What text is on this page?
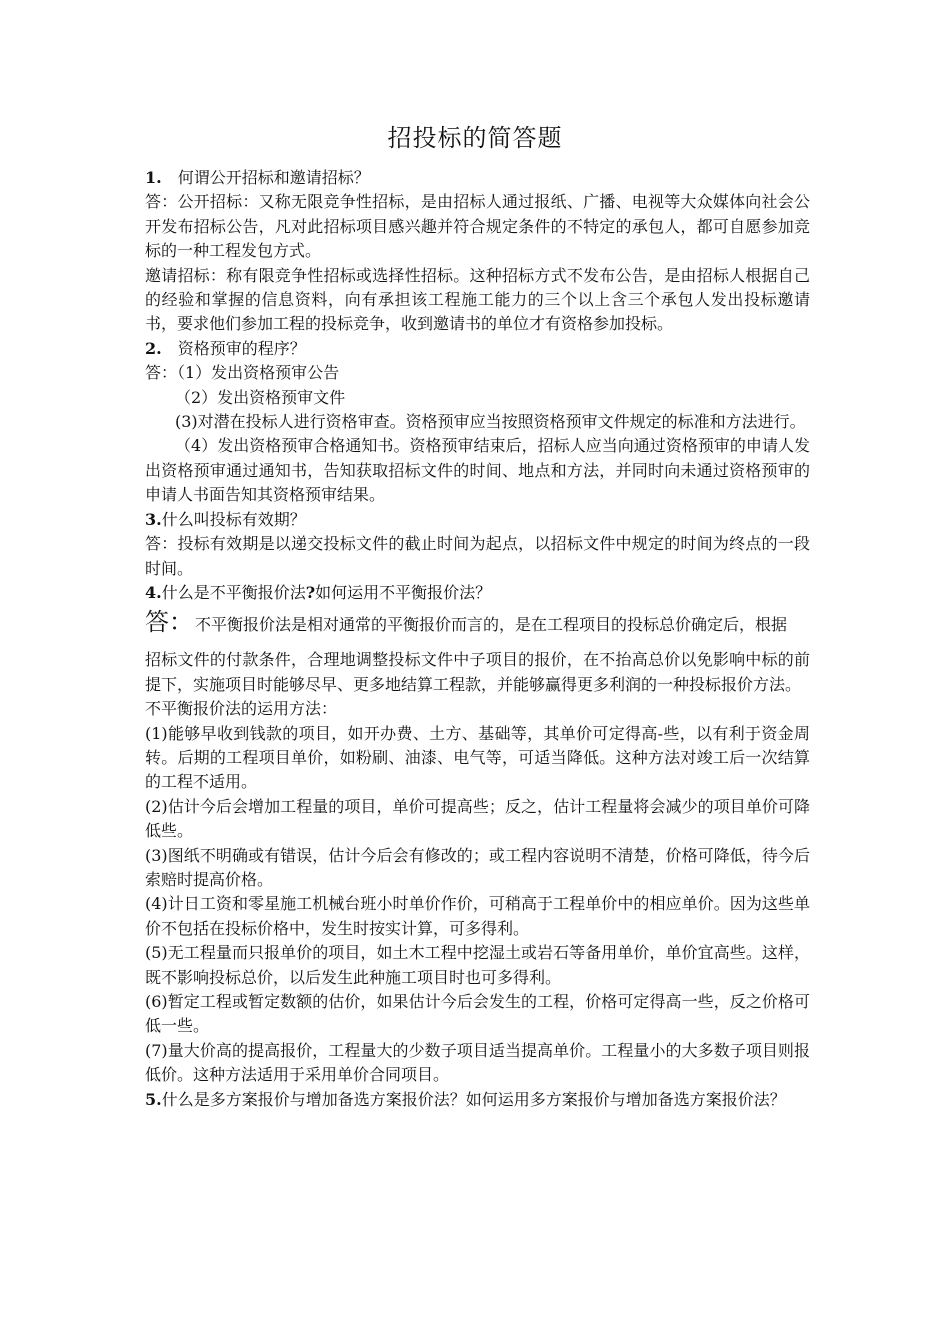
招投标的简答题

1. 何谓公开招标和邀请招标？

答：公开招标：又称无限竞争性招标，是由招标人通过报纸、广播、电视等大众媒体向社会公开发布招标公告，凡对此招标项目感兴趣并符合规定条件的不特定的承包人，都可自愿参加竞标的一种工程发包方式。

邀请招标：称有限竞争性招标或选择性招标。这种招标方式不发布公告，是由招标人根据自己的经验和掌握的信息资料，向有承担该工程施工能力的三个以上含三个承包人发出投标邀请书，要求他们参加工程的投标竞争，收到邀请书的单位才有资格参加投标。

2. 资格预审的程序？

答：（1）发出资格预审公告

（2）发出资格预审文件

(3)对潜在投标人进行资格审查。资格预审应当按照资格预审文件规定的标准和方法进行。

（4）发出资格预审合格通知书。资格预审结束后，招标人应当向通过资格预审的申请人发出资格预审通过通知书，告知获取招标文件的时间、地点和方法，并同时向未通过资格预审的申请人书面告知其资格预审结果。

3.什么叫投标有效期？

答：投标有效期是以递交投标文件的截止时间为起点，以招标文件中规定的时间为终点的一段时间。

4.什么是不平衡报价法?如何运用不平衡报价法？

答： 不平衡报价法是相对通常的平衡报价而言的，是在工程项目的投标总价确定后，根据

招标文件的付款条件，合理地调整投标文件中子项目的报价，在不抬高总价以免影响中标的前提下，实施项目时能够尽早、更多地结算工程款，并能够赢得更多利润的一种投标报价方法。

不平衡报价法的运用方法：

(1)能够早收到钱款的项目，如开办费、土方、基础等，其单价可定得高-些，以有利于资金周转。后期的工程项目单价，如粉刷、油漆、电气等，可适当降低。这种方法对竣工后一次结算的工程不适用。

(2)估计今后会增加工程量的项目，单价可提高些；反之，估计工程量将会减少的项目单价可降低些。

(3)图纸不明确或有错误，估计今后会有修改的；或工程内容说明不清楚，价格可降低，待今后索赔时提高价格。

(4)计日工资和零星施工机械台班小时单价作价，可稍高于工程单价中的相应单价。因为这些单价不包括在投标价格中，发生时按实计算，可多得利。

(5)无工程量而只报单价的项目，如土木工程中挖湿土或岩石等备用单价，单价宜高些。这样，既不影响投标总价，以后发生此种施工项目时也可多得利。

(6)暂定工程或暂定数额的估价，如果估计今后会发生的工程，价格可定得高一些，反之价格可低一些。

(7)量大价高的提高报价，工程量大的少数子项目适当提高单价。工程量小的大多数子项目则报低价。这种方法适用于采用单价合同项目。

5.什么是多方案报价与增加备选方案报价法？如何运用多方案报价与增加备选方案报价法？
